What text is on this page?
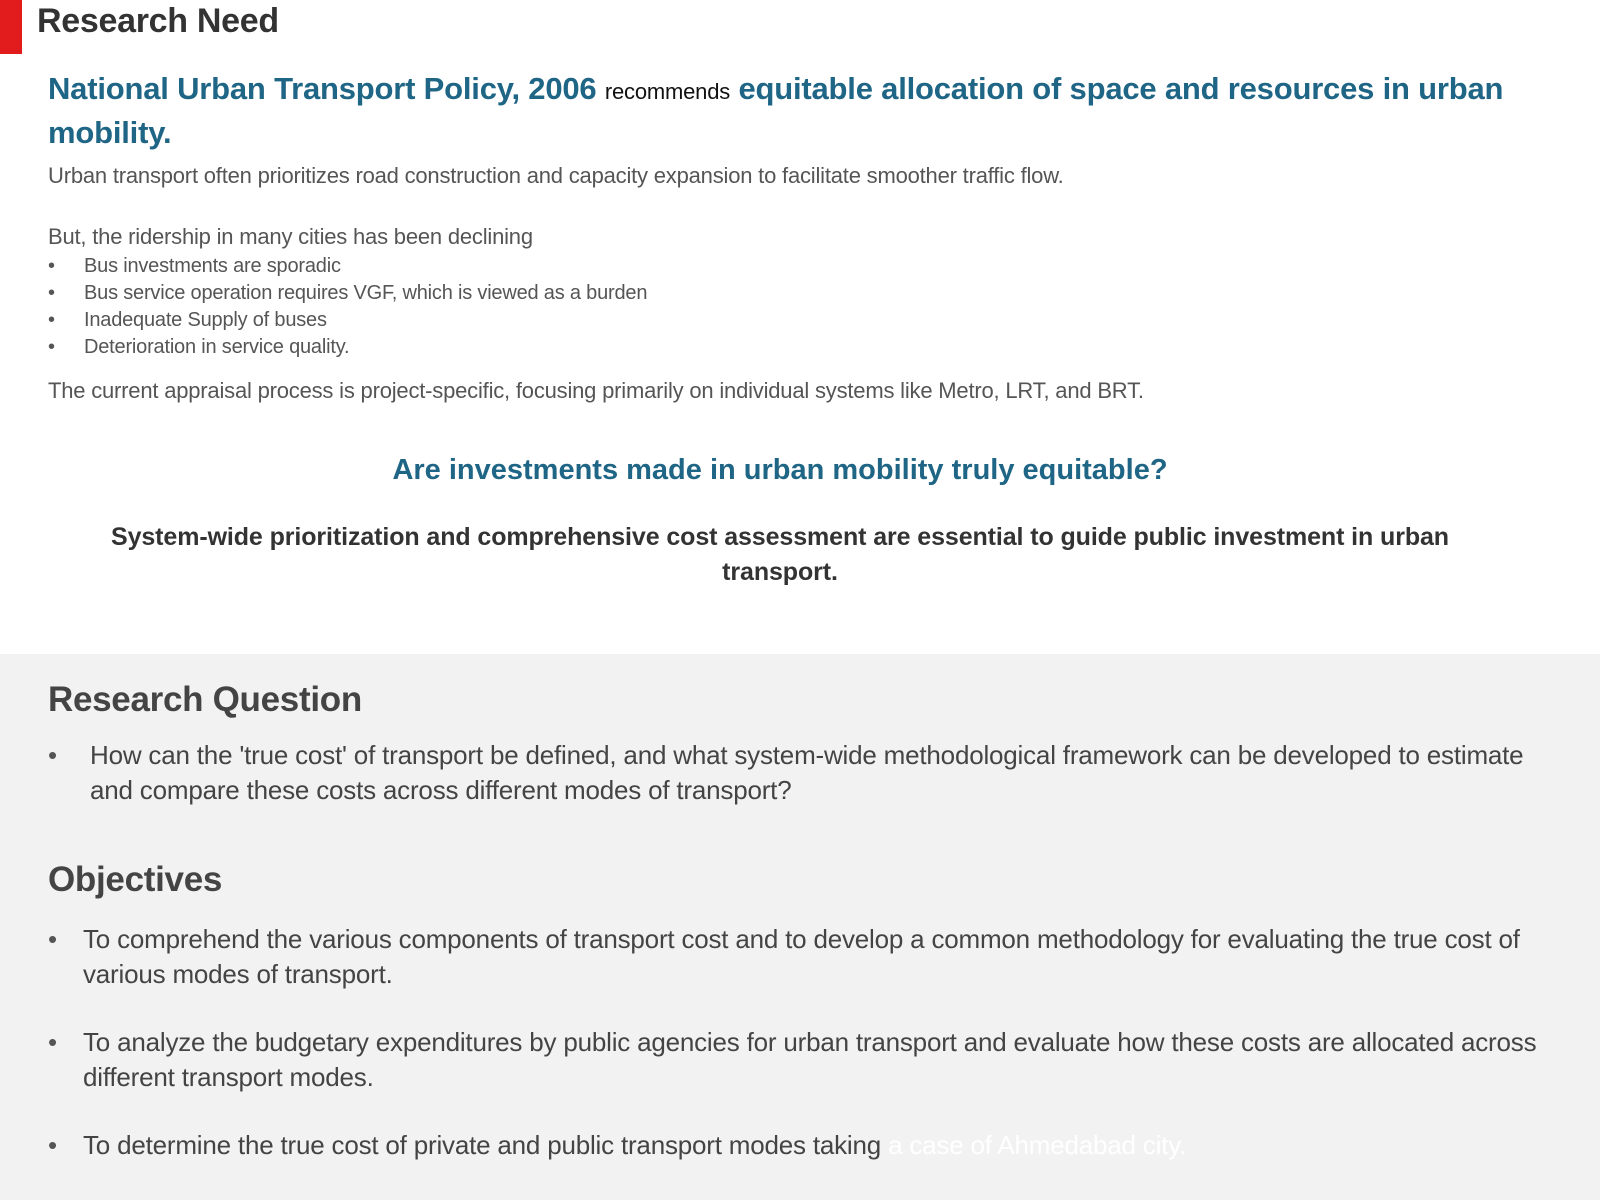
Research Need

National Urban Transport Policy, 2006 recommends equitable allocation of space and resources in urban mobility.

Urban transport often prioritizes road construction and capacity expansion to facilitate smoother traffic flow.

But, the ridership in many cities has been declining

• Bus investments are sporadic
• Bus service operation requires VGF, which is viewed as a burden
• Inadequate Supply of buses
• Deterioration in service quality.

The current appraisal process is project-specific, focusing primarily on individual systems like Metro, LRT, and BRT.

Are investments made in urban mobility truly equitable?

System-wide prioritization and comprehensive cost assessment are essential to guide public investment in urban transport.

Research Question
•	How can the 'true cost' of transport be defined, and what system-wide methodological framework can be developed to estimate and compare these costs across different modes of transport?
Objectives
•	To comprehend the various components of transport cost and to develop a common methodology for evaluating the true cost of various modes of transport.
•	To analyze the budgetary expenditures by public agencies for urban transport and evaluate how these costs are allocated across different transport modes.
•	To determine the true cost of private and public transport modes taking a case of Ahmedabad city.
